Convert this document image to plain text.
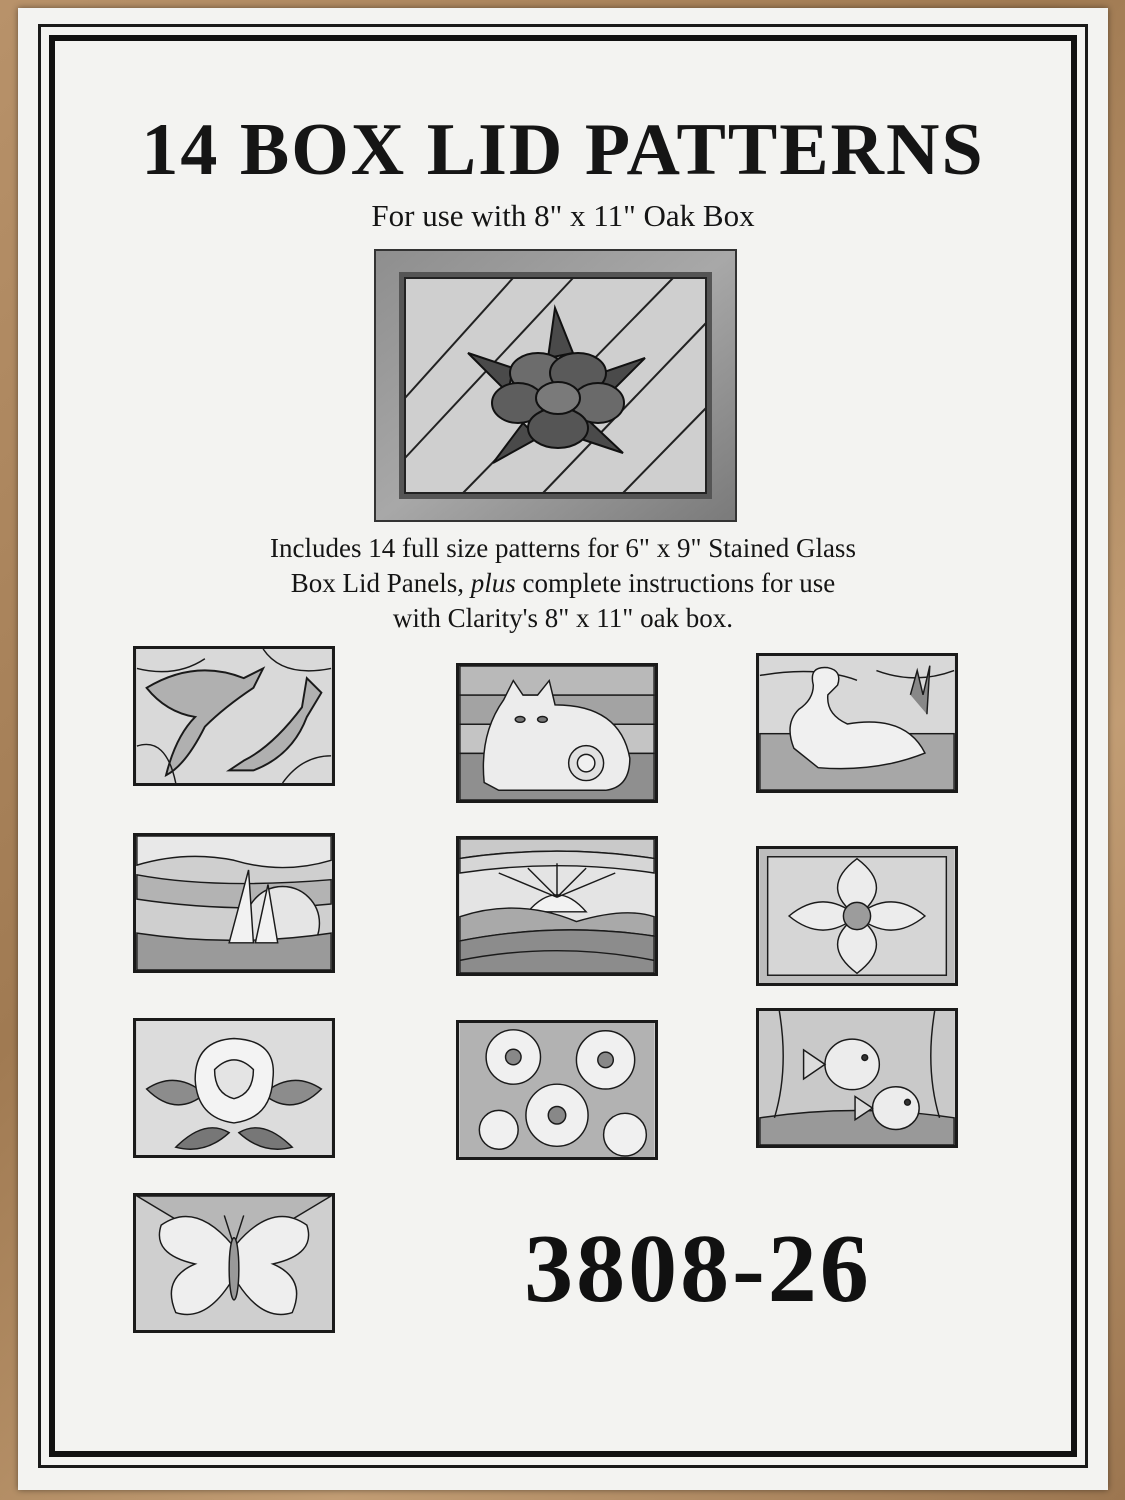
14 BOX LID PATTERNS
For use with 8" x 11" Oak Box
Includes 14 full size patterns for 6" x 9" Stained Glass
Box Lid Panels, plus complete instructions for use
with Clarity's 8" x 11" oak box.
3808-26
